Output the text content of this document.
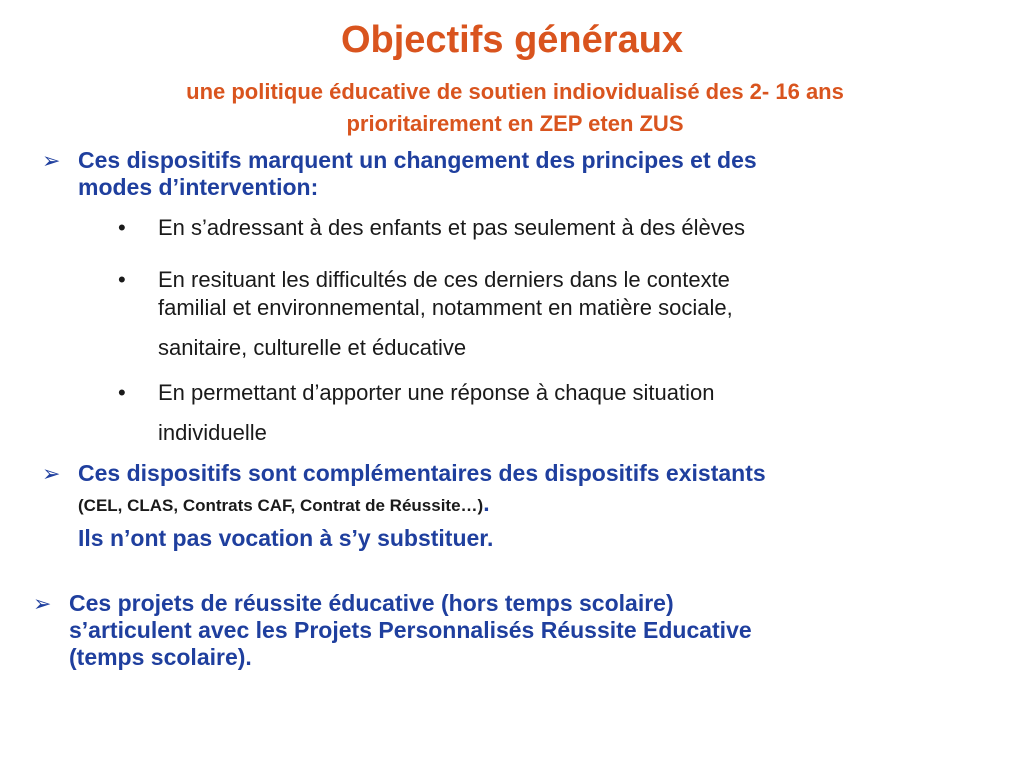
Objectifs généraux
une politique éducative de soutien indiovidualisé des 2- 16 ans
prioritairement en ZEP eten ZUS
➢ Ces dispositifs marquent un changement des principes et des
modes d’intervention:
• En s’adressant à des enfants et pas seulement à des élèves
• En resituant les difficultés de ces derniers dans le contexte
familial et environnemental, notamment en matière sociale,
sanitaire, culturelle et éducative
• En permettant d’apporter une réponse à chaque situation
individuelle
➢ Ces dispositifs sont complémentaires des dispositifs existants
(CEL, CLAS, Contrats CAF, Contrat de Réussite…).
Ils n’ont pas vocation à s’y substituer.
➢ Ces projets de réussite éducative (hors temps scolaire)
s’articulent avec les Projets Personnalisés Réussite Educative
(temps scolaire).
